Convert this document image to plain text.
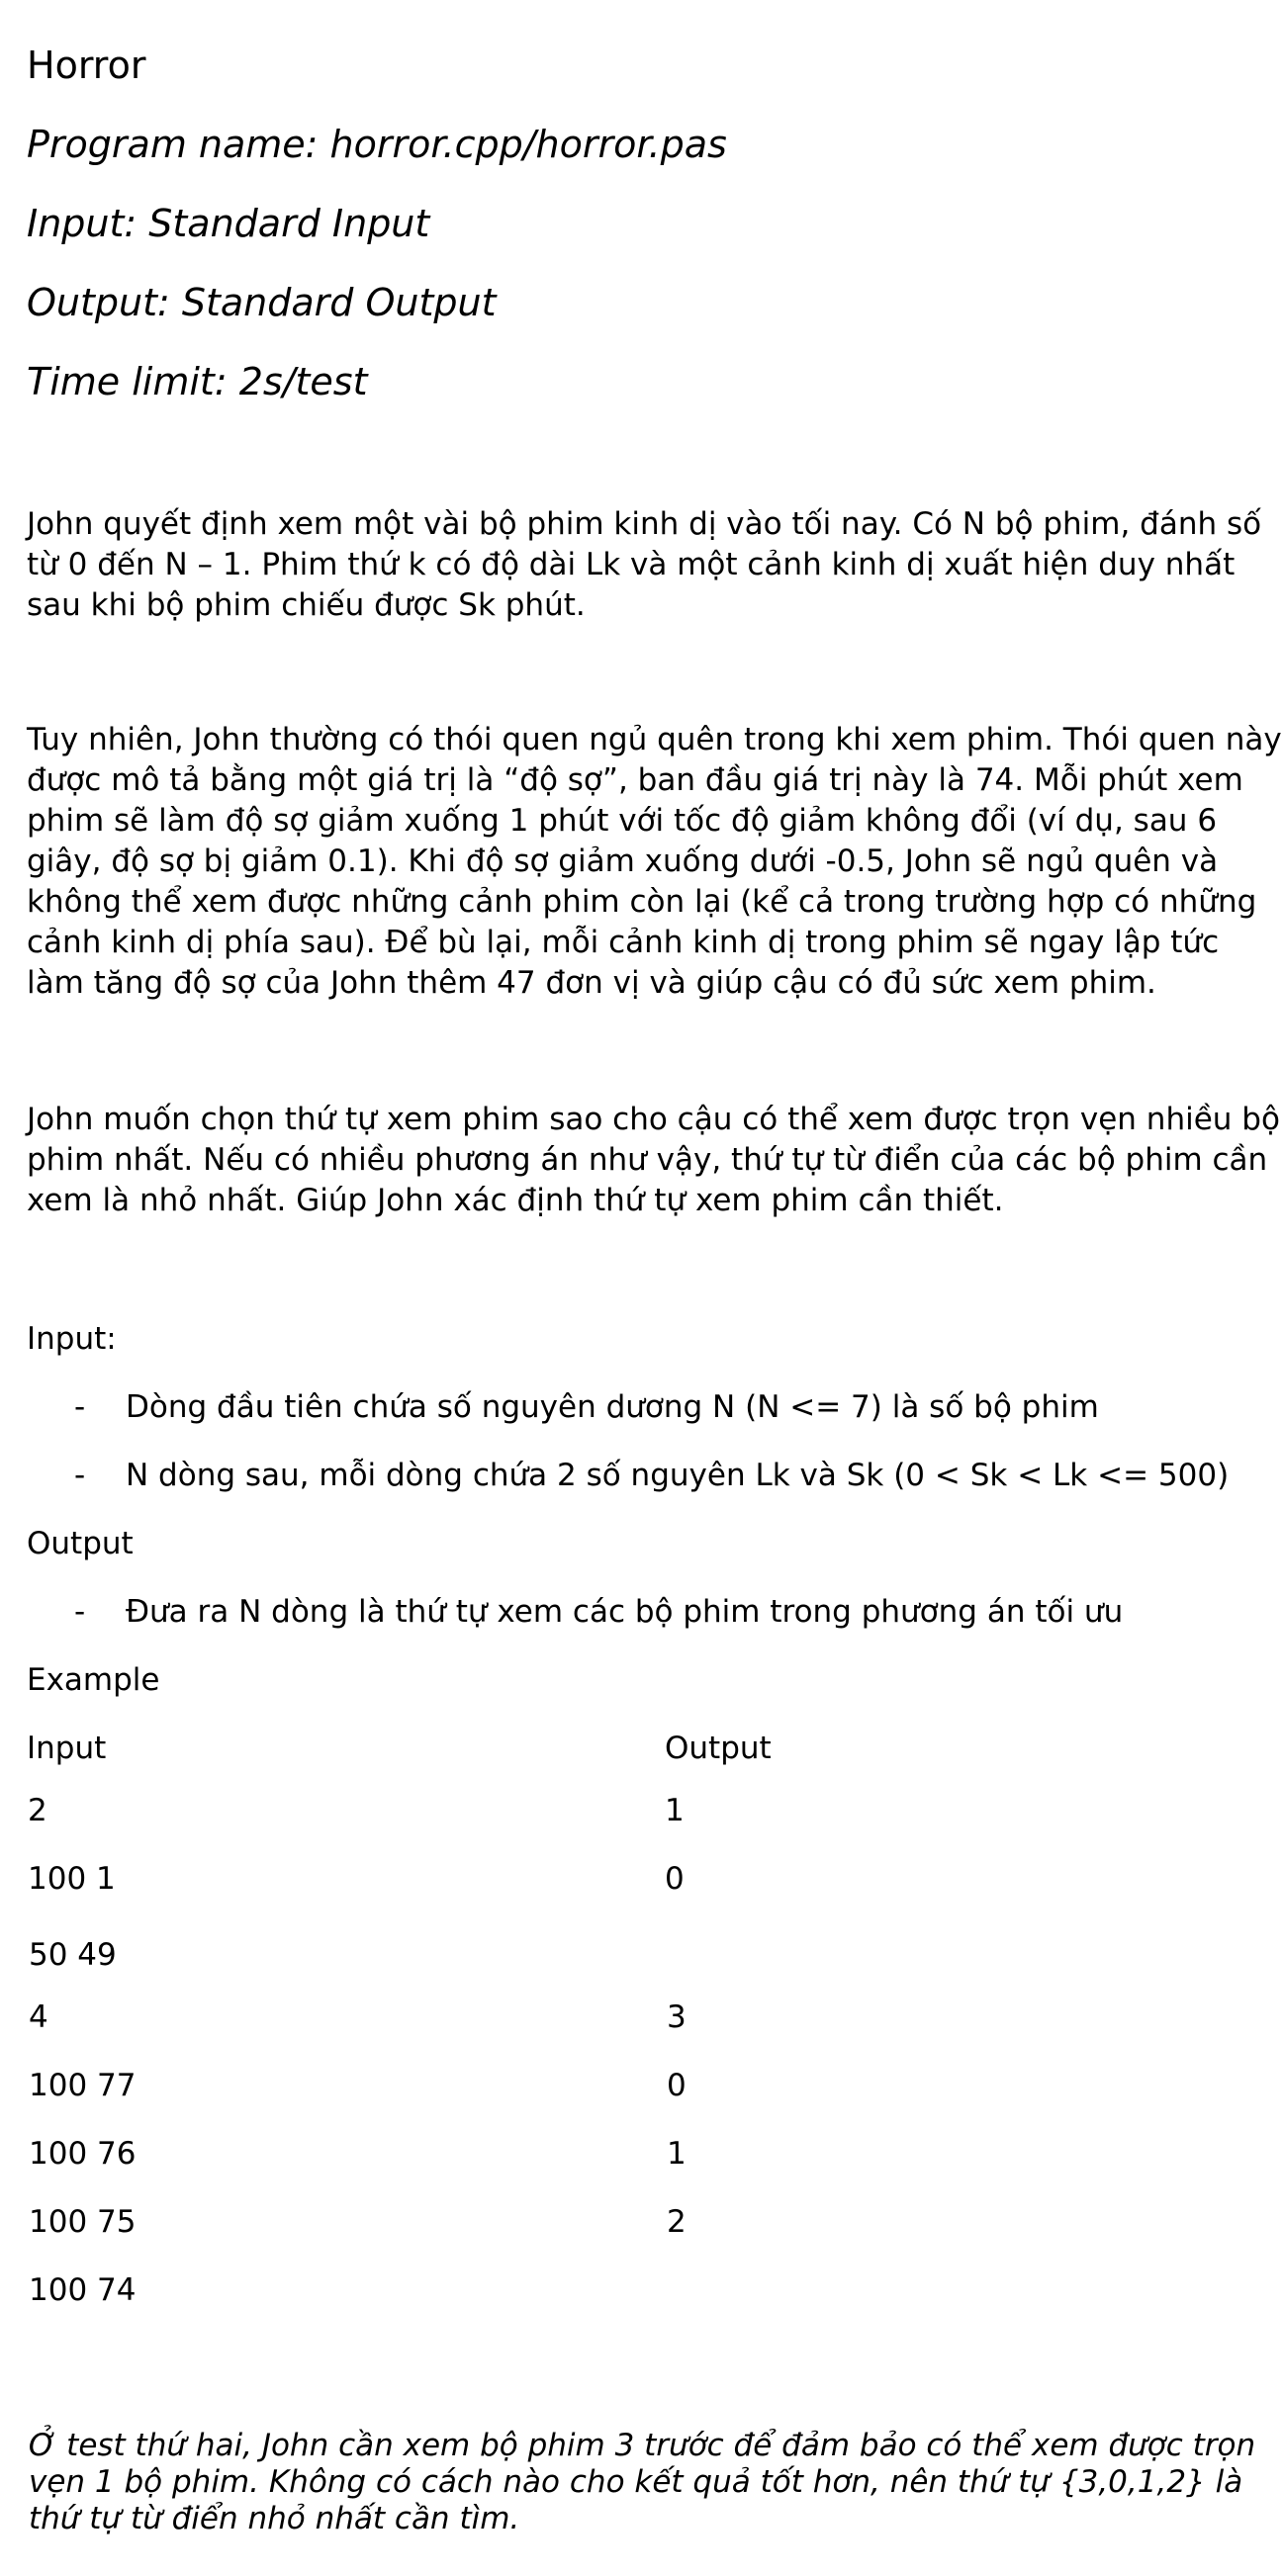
Horror
Program name: horror.cpp/horror.pas
Input: Standard Input
Output: Standard Output
Time limit: 2s/test
John quyết định xem một vài bộ phim kinh dị vào tối nay. Có N bộ phim, đánh số
từ 0 đến N – 1. Phim thứ k có độ dài Lk và một cảnh kinh dị xuất hiện duy nhất
sau khi bộ phim chiếu được Sk phút.
Tuy nhiên, John thường có thói quen ngủ quên trong khi xem phim. Thói quen này
được mô tả bằng một giá trị là “độ sợ”, ban đầu giá trị này là 74. Mỗi phút xem
phim sẽ làm độ sợ giảm xuống 1 phút với tốc độ giảm không đổi (ví dụ, sau 6
giây, độ sợ bị giảm 0.1). Khi độ sợ giảm xuống dưới -0.5, John sẽ ngủ quên và
không thể xem được những cảnh phim còn lại (kể cả trong trường hợp có những
cảnh kinh dị phía sau). Để bù lại, mỗi cảnh kinh dị trong phim sẽ ngay lập tức
làm tăng độ sợ của John thêm 47 đơn vị và giúp cậu có đủ sức xem phim.
John muốn chọn thứ tự xem phim sao cho cậu có thể xem được trọn vẹn nhiều bộ
phim nhất. Nếu có nhiều phương án như vậy, thứ tự từ điển của các bộ phim cần
xem là nhỏ nhất. Giúp John xác định thứ tự xem phim cần thiết.
Input:
- Dòng đầu tiên chứa số nguyên dương N (N <= 7) là số bộ phim
- N dòng sau, mỗi dòng chứa 2 số nguyên Lk và Sk (0 < Sk < Lk <= 500)
Output
- Đưa ra N dòng là thứ tự xem các bộ phim trong phương án tối ưu
Example
Input	Output
2
100 1
50 49
1
0
4
100 77
100 76
100 75
100 74
3
0
1
2
Ở test thứ hai, John cần xem bộ phim 3 trước để đảm bảo có thể xem được trọn
vẹn 1 bộ phim. Không có cách nào cho kết quả tốt hơn, nên thứ tự {3,0,1,2} là
thứ tự từ điển nhỏ nhất cần tìm.
